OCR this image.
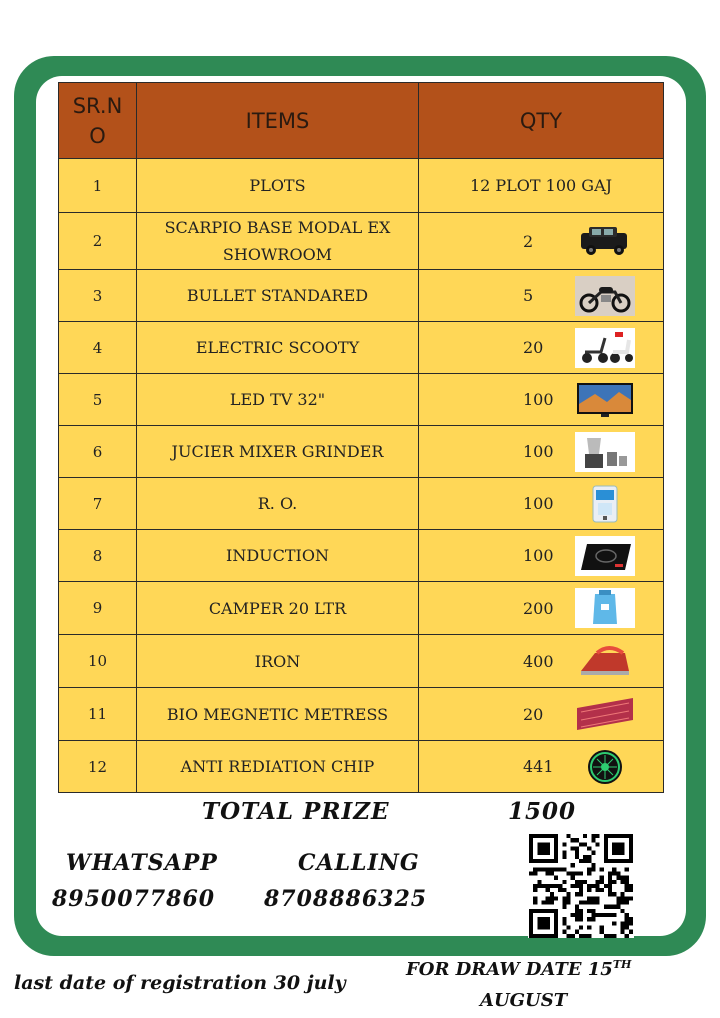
SR.N O	ITEMS	QTY
1	PLOTS	12 PLOT 100 GAJ
2	SCARPIO BASE MODAL EX SHOWROOM	2

3	BULLET STANDARED	5

4	ELECTRIC SCOOTY	20

5	LED TV 32"	100

6	JUCIER MIXER GRINDER	100

7	R. O.	100

8	INDUCTION	100

9	CAMPER 20 LTR	200

10	IRON	400

11	BIO MEGNETIC METRESS	20

12	ANTI REDIATION CHIP	441
TOTAL PRIZE	1500
WHATSAPP	CALLING
8950077860 8708886325
last date of registration 30 july
FOR DRAW DATE 15TH
AUGUST
